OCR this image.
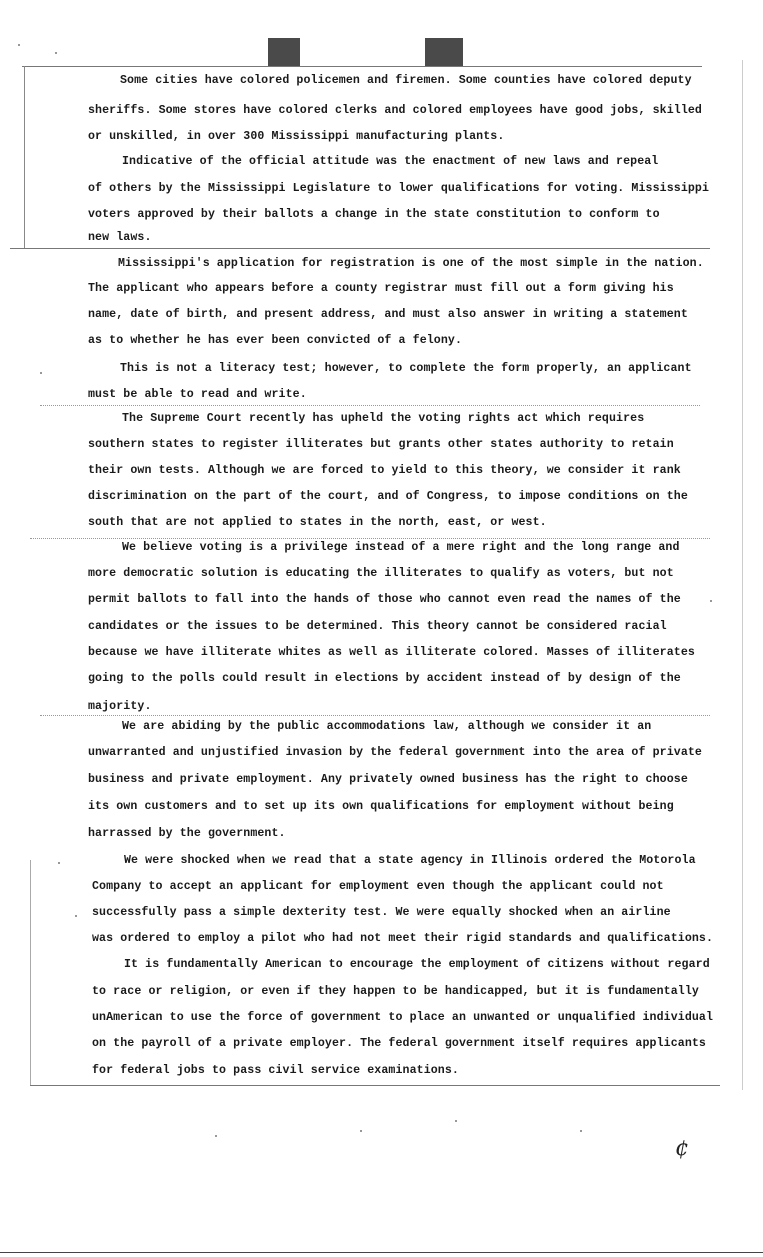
Some cities have colored policemen and firemen. Some counties have colored deputy
sheriffs. Some stores have colored clerks and colored employees have good jobs, skilled
or unskilled, in over 300 Mississippi manufacturing plants.
Indicative of the official attitude was the enactment of new laws and repeal
of others by the Mississippi Legislature to lower qualifications for voting. Mississippi
voters approved by their ballots a change in the state constitution to conform to
new laws.
Mississippi's application for registration is one of the most simple in the nation.
The applicant who appears before a county registrar must fill out a form giving his
name, date of birth, and present address, and must also answer in writing a statement
as to whether he has ever been convicted of a felony.
This is not a literacy test; however, to complete the form properly, an applicant
must be able to read and write.
The Supreme Court recently has upheld the voting rights act which requires
southern states to register illiterates but grants other states authority to retain
their own tests. Although we are forced to yield to this theory, we consider it rank
discrimination on the part of the court, and of Congress, to impose conditions on the
south that are not applied to states in the north, east, or west.
We believe voting is a privilege instead of a mere right and the long range and
more democratic solution is educating the illiterates to qualify as voters, but not
permit ballots to fall into the hands of those who cannot even read the names of the
candidates or the issues to be determined. This theory cannot be considered racial
because we have illiterate whites as well as illiterate colored. Masses of illiterates
going to the polls could result in elections by accident instead of by design of the
majority.
We are abiding by the public accommodations law, although we consider it an
unwarranted and unjustified invasion by the federal government into the area of private
business and private employment. Any privately owned business has the right to choose
its own customers and to set up its own qualifications for employment without being
harrassed by the government.
We were shocked when we read that a state agency in Illinois ordered the Motorola
Company to accept an applicant for employment even though the applicant could not
successfully pass a simple dexterity test. We were equally shocked when an airline
was ordered to employ a pilot who had not meet their rigid standards and qualifications.
It is fundamentally American to encourage the employment of citizens without regard
to race or religion, or even if they happen to be handicapped, but it is fundamentally
unAmerican to use the force of government to place an unwanted or unqualified individual
on the payroll of a private employer. The federal government itself requires applicants
for federal jobs to pass civil service examinations.
¢
